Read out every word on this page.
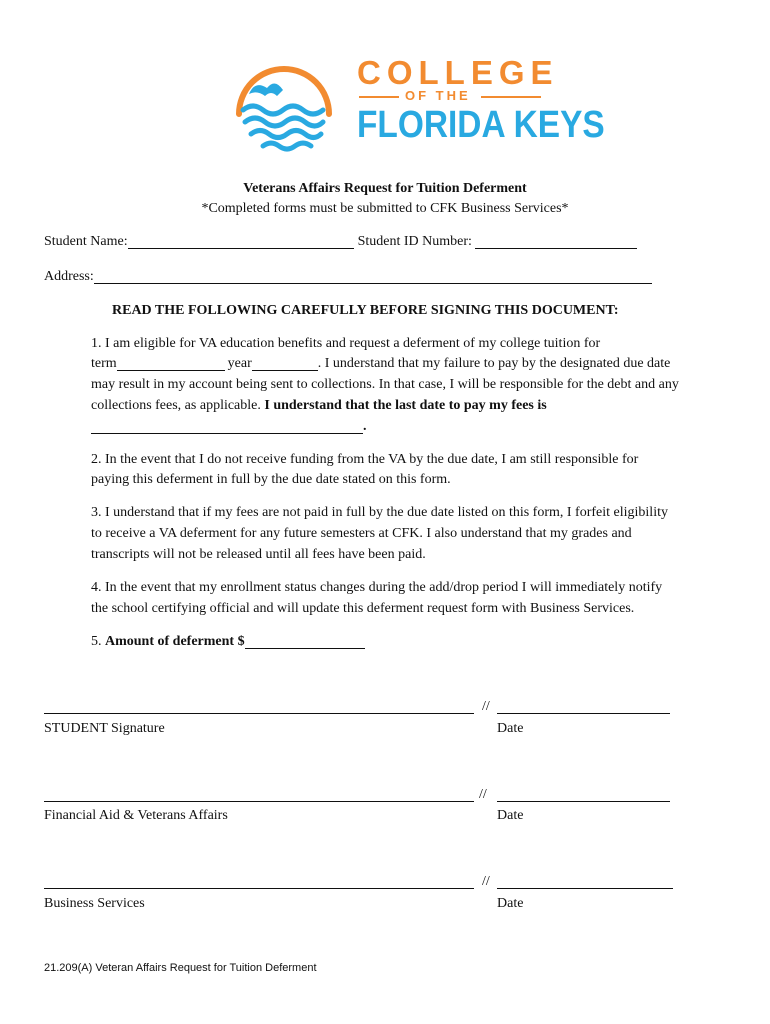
COLLEGE
OF THE
FLORIDA KEYS
Veterans Affairs Request for Tuition Deferment
*Completed forms must be submitted to CFK Business Services*
Student Name:	Student ID Number:
Address:
READ THE FOLLOWING CAREFULLY BEFORE SIGNING THIS DOCUMENT:
1. I am eligible for VA education benefits and request a deferment of my college tuition for
term	year	. I understand that my failure to pay by the designated due date
may result in my account being sent to collections. In that case, I will be responsible for the debt and any
collections fees, as applicable. I understand that the last date to pay my fees is
.
2. In the event that I do not receive funding from the VA by the due date, I am still responsible for
paying this deferment in full by the due date stated on this form.
3. I understand that if my fees are not paid in full by the due date listed on this form, I forfeit eligibility
to receive a VA deferment for any future semesters at CFK. I also understand that my grades and
transcripts will not be released until all fees have been paid.
4. In the event that my enrollment status changes during the add/drop period I will immediately notify
the school certifying official and will update this deferment request form with Business Services.
5. Amount of deferment $
//
STUDENT Signature	Date
//
Financial Aid & Veterans Affairs	Date
//
Business Services	Date
21.209(A) Veteran Affairs Request for Tuition Deferment
